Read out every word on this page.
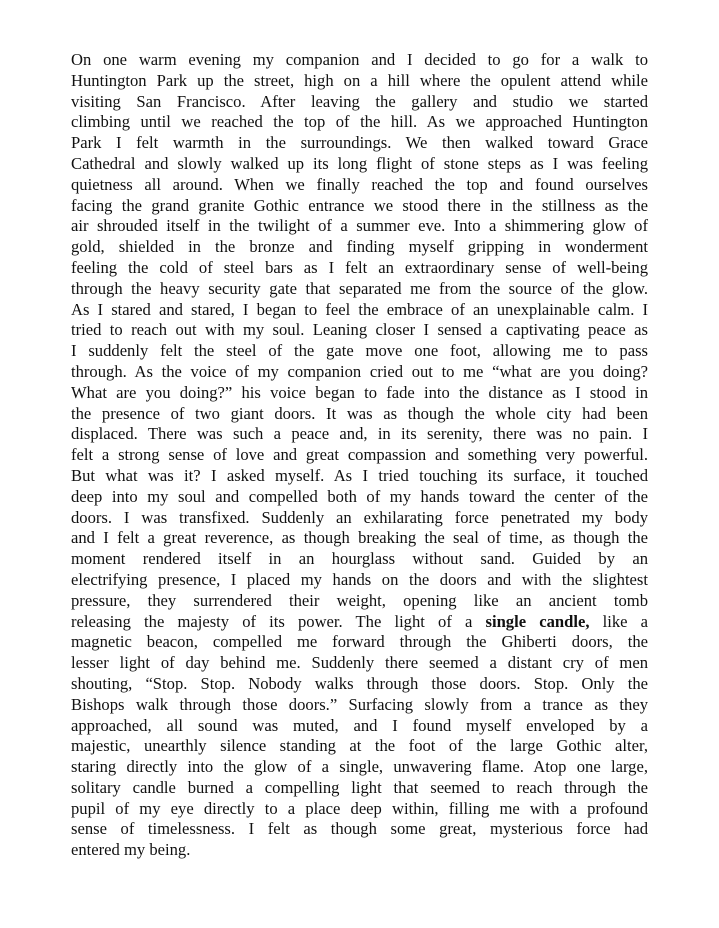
On one warm evening my companion and I decided to go for a walk to
Huntington Park up the street, high on a hill where the opulent attend while
visiting San Francisco. After leaving the gallery and studio we started
climbing until we reached the top of the hill. As we approached Huntington
Park I felt warmth in the surroundings. We then walked toward Grace
Cathedral and slowly walked up its long flight of stone steps as I was feeling
quietness all around. When we finally reached the top and found ourselves
facing the grand granite Gothic entrance we stood there in the stillness as the
air shrouded itself in the twilight of a summer eve. Into a shimmering glow of
gold, shielded in the bronze and finding myself gripping in wonderment
feeling the cold of steel bars as I felt an extraordinary sense of well-being
through the heavy security gate that separated me from the source of the glow.
As I stared and stared, I began to feel the embrace of an unexplainable calm. I
tried to reach out with my soul. Leaning closer I sensed a captivating peace as
I suddenly felt the steel of the gate move one foot, allowing me to pass
through. As the voice of my companion cried out to me “what are you doing?
What are you doing?” his voice began to fade into the distance as I stood in
the presence of two giant doors. It was as though the whole city had been
displaced. There was such a peace and, in its serenity, there was no pain. I
felt a strong sense of love and great compassion and something very powerful.
But what was it? I asked myself. As I tried touching its surface, it touched
deep into my soul and compelled both of my hands toward the center of the
doors. I was transfixed. Suddenly an exhilarating force penetrated my body
and I felt a great reverence, as though breaking the seal of time, as though the
moment rendered itself in an hourglass without sand. Guided by an
electrifying presence, I placed my hands on the doors and with the slightest
pressure, they surrendered their weight, opening like an ancient tomb
releasing the majesty of its power. The light of a single candle, like a
magnetic beacon, compelled me forward through the Ghiberti doors, the
lesser light of day behind me. Suddenly there seemed a distant cry of men
shouting, “Stop. Stop. Nobody walks through those doors. Stop. Only the
Bishops walk through those doors.” Surfacing slowly from a trance as they
approached, all sound was muted, and I found myself enveloped by a
majestic, unearthly silence standing at the foot of the large Gothic alter,
staring directly into the glow of a single, unwavering flame. Atop one large,
solitary candle burned a compelling light that seemed to reach through the
pupil of my eye directly to a place deep within, filling me with a profound
sense of timelessness. I felt as though some great, mysterious force had
entered my being.
